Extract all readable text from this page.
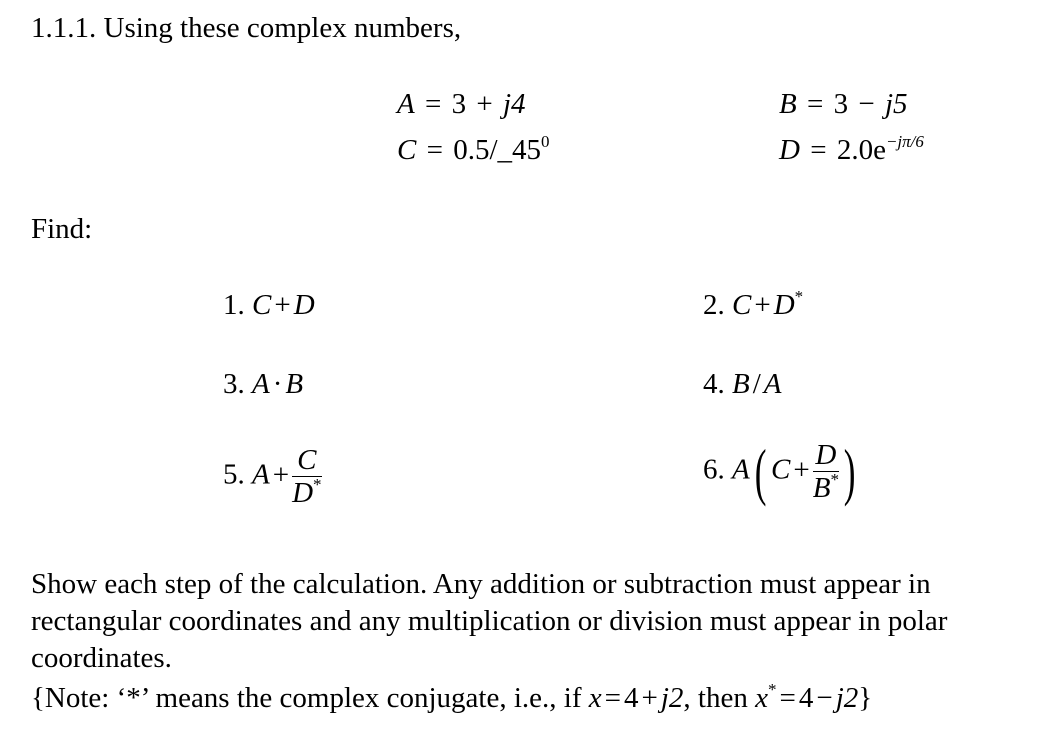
1.1.1. Using these complex numbers,
A = 3 + j4	B = 3 − j5
$C = 0.5/\_45^0$	$D = 2.0e^{-j\pi/6}$
Find:
1. C + D	2. C + D*
3. A · B	4. B / A
5. $A + \frac{C}{D^*}$	6. A( $C + \frac{D}{B^*}$ )
Show each step of the calculation. Any addition or subtraction must appear in rectangular coordinates and any multiplication or division must appear in polar coordinates.
{Note: ‘*’ means the complex conjugate, i.e., if x = 4 + j2, then x* = 4 − j2}
